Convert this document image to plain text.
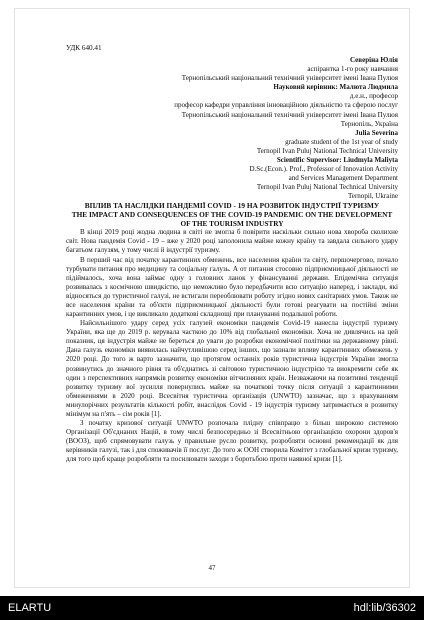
УДК 640.41
Северіна Юлія
аспірантка 1-го року навчання
Тернопільський національний технічний університет імені Івана Пулюя
Науковий керівник: Малюта Людмила
д.е.н., професор
професор кафедри управління інноваційною діяльністю та сферою послуг
Тернопільський національний технічний університет імені Івана Пулюя
Тернопіль, Україна
Julia Severina
graduate student of the 1st year of study
Ternopil Ivan Puluj National Technical University
Scientific Supervisor: Liudmyla Maliyta
D.Sc.(Econ.). Prof., Professor of Innovation Activity
and Services Management Department
Ternopil Ivan Puluj National Technical University
Ternopil, Ukraine
ВПЛИВ ТА НАСЛІДКИ ПАНДЕМІЇ COVID - 19 НА РОЗВИТОК ІНДУСТРІЇ ТУРИЗМУ
THE IMPACT AND CONSEQUENCES OF THE COVID-19 PANDEMIC ON THE DEVELOPMENT OF THE TOURISM INDUSTRY

В кінці 2019 році жодна людина в світі не змогла б повірити наскільки сильно нова хвороба сколихне світ. Нова пандемія Covid - 19 – вже у 2020 році заполонила майже кожну країну та завдала сильного удару багатьом галузям, у тому числі й індустрії туризму.

В перший час від початку карантинних обмежень, все населення країни та світу, першочергово, почало турбувати питання про медицину та соціальну галузь. А от питання стосовно підприємницької діяльності не підіймалось, хоча вона займає одну з головних ланок у фінансуванні держави. Епідемічна ситуація розвивалась з космічною швидкістю, що неможливо було передбачити всю ситуацію наперед, і заклади, які відносяться до туристичної галузі, не встигали переоблювати роботу згідно нових санітарних умов. Також не все населення країни та об'єкти підприємницької діяльності були готові реагувати на постійні зміни карантинних умов, і це викликало додаткові складнощі при плануванні подальшої роботи.

Найсильнішого удару серед усіх галузей економіки пандемія Covid-19 нанесла індустрії туризму України, яка ще до 2019 р. керувала часткою до 10% від глобальної економіки. Хоча не дивлячись на цей показник, ця індустрія майже не береться до уваги до розробки економічної політики на державному рівні. Дана галузь економіки виявилась найчутливішою серед інших, що зазнали впливу карантинних обмежень у 2020 році. До того ж варто зазначити, що протягом останніх років туристична індустрія України змогла розвинутись до значного рівня та об'єднатись зі світовою туристичною індустрією та виокремити себе як один з перспективних напрямків розвитку економіки вітчизняних країн. Незважаючи на позитивні тенденції розвитку туризму вої зусилля повернулись майже на початкові точку після ситуації з карантинними обмеженнями в 2020 році. Всесвітня туристична організація (UNWTO) зазначає, що з врахуванням минулорічних результатів кількості робіт, внаслідок Covid - 19 індустрія туризму затримається в розвитку мінімум на п'ять – сім років [1].

З початку кризової ситуації UNWTO розпочала плідну співпрацю з більш широкою системою Організації Об'єднаних Націй, в тому числі безпосередньо зі Всесвітньою організацією охорони здоров'я (ВООЗ), щоб спрямовувати галузь у правильне русло розвитку, розробляти основні рекомендації як для керівників галузі, так і для споживачів її послуг. До того ж ООН створила Комітет з глобальної кризи туризму, для того щоб краще розробляти та посилювати заходи з боротьбою проти наявної кризи [1].

47
ELARTU	hdl:lib/36302
